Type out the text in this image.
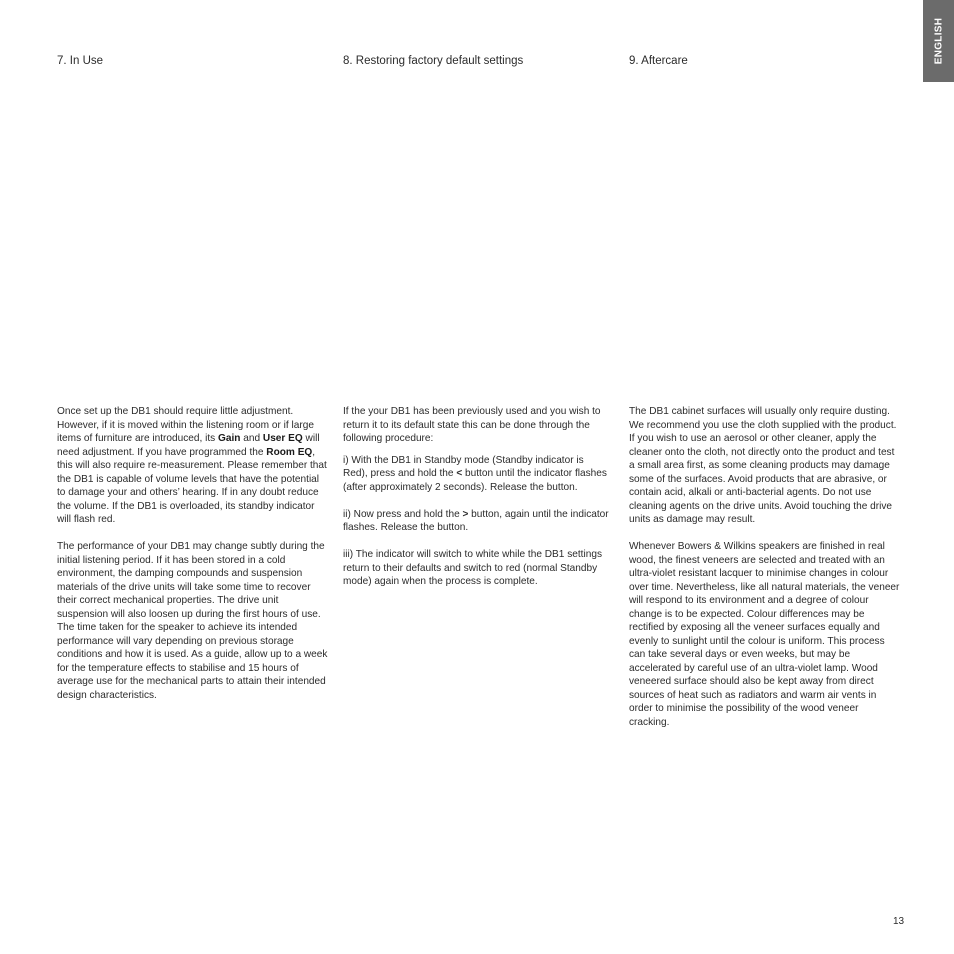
ENGLISH
7. In Use	8. Restoring factory default settings	9. Aftercare

Once set up the DB1 should require little adjustment. However, if it is moved within the listening room or if large items of furniture are introduced, its Gain and User EQ will need adjustment. If you have programmed the Room EQ, this will also require re-measurement. Please remember that the DB1 is capable of volume levels that have the potential to damage your and others’ hearing. If in any doubt reduce the volume. If the DB1 is overloaded, its standby indicator will flash red.

The performance of your DB1 may change subtly during the initial listening period. If it has been stored in a cold environment, the damping compounds and suspension materials of the drive units will take some time to recover their correct mechanical properties. The drive unit suspension will also loosen up during the first hours of use. The time taken for the speaker to achieve its intended performance will vary depending on previous storage conditions and how it is used. As a guide, allow up to a week for the temperature effects to stabilise and 15 hours of average use for the mechanical parts to attain their intended design characteristics.

If the your DB1 has been previously used and you wish to return it to its default state this can be done through the following procedure:

i) With the DB1 in Standby mode (Standby indicator is Red), press and hold the < button until the indicator flashes (after approximately 2 seconds). Release the button.

ii) Now press and hold the > button, again until the indicator flashes. Release the button.

iii) The indicator will switch to white while the DB1 settings return to their defaults and switch to red (normal Standby mode) again when the process is complete.

The DB1 cabinet surfaces will usually only require dusting. We recommend you use the cloth supplied with the product. If you wish to use an aerosol or other cleaner, apply the cleaner onto the cloth, not directly onto the product and test a small area first, as some cleaning products may damage some of the surfaces. Avoid products that are abrasive, or contain acid, alkali or anti-bacterial agents. Do not use cleaning agents on the drive units. Avoid touching the drive units as damage may result.

Whenever Bowers & Wilkins speakers are finished in real wood, the finest veneers are selected and treated with an ultra-violet resistant lacquer to minimise changes in colour over time. Nevertheless, like all natural materials, the veneer will respond to its environment and a degree of colour change is to be expected. Colour differences may be rectified by exposing all the veneer surfaces equally and evenly to sunlight until the colour is uniform. This process can take several days or even weeks, but may be accelerated by careful use of an ultra-violet lamp. Wood veneered surface should also be kept away from direct sources of heat such as radiators and warm air vents in order to minimise the possibility of the wood veneer cracking.

13
